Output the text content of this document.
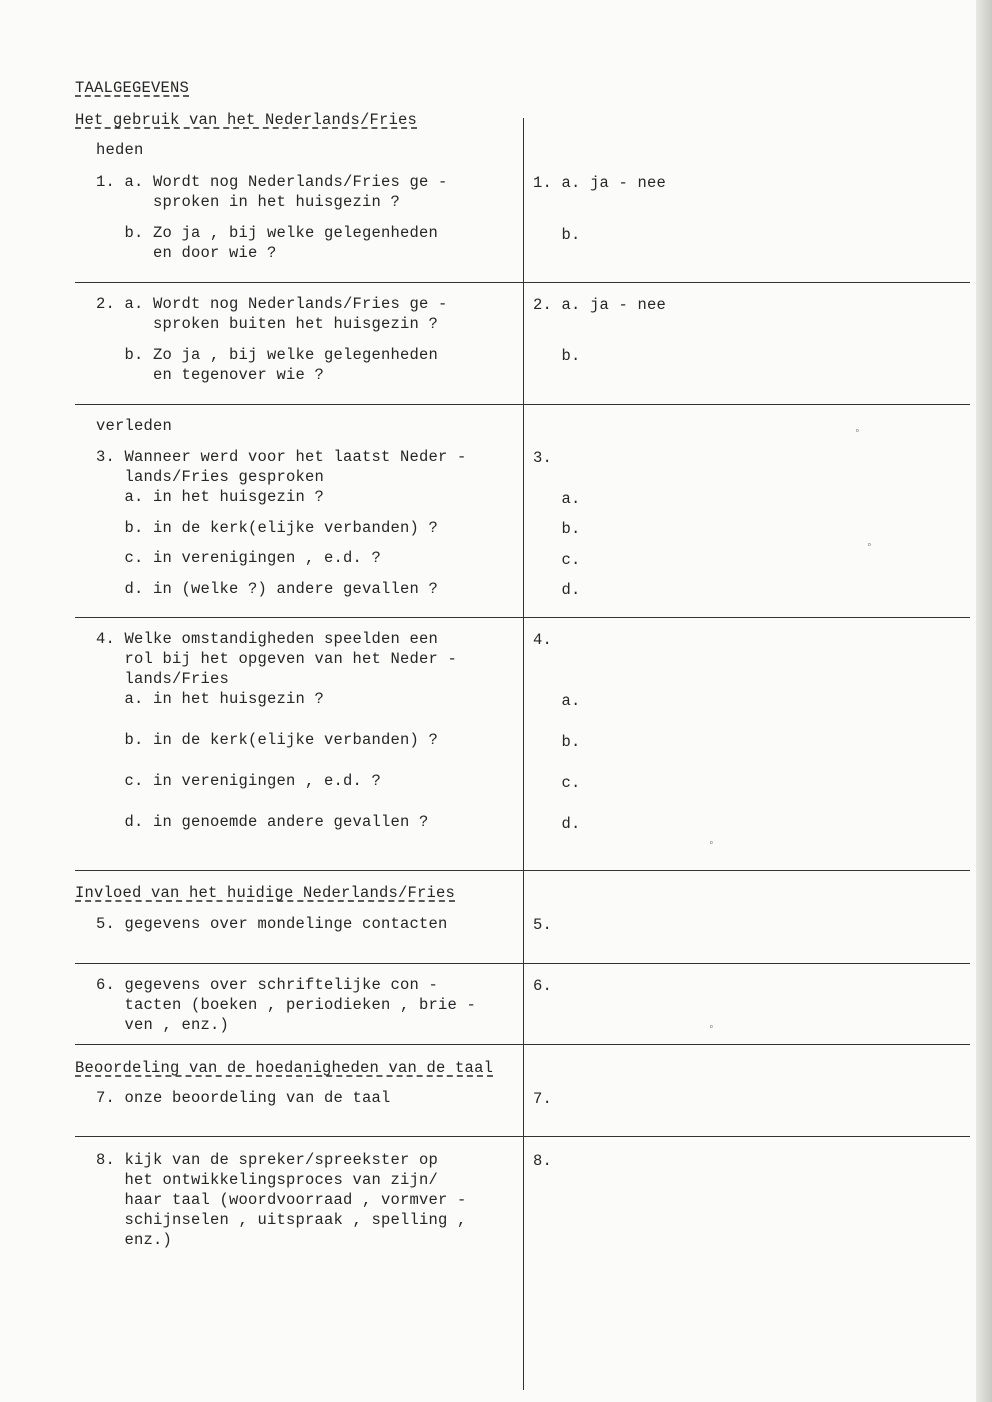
TAALGEGEVENS
Het gebruik van het Nederlands/Fries
heden
1. a. Wordt nog Nederlands/Fries ge -
sproken in het huisgezin ?
b. Zo ja , bij welke gelegenheden
en door wie ?
1. a. ja - nee
b.
2. a. Wordt nog Nederlands/Fries ge -
sproken buiten het huisgezin ?
b. Zo ja , bij welke gelegenheden
en tegenover wie ?
2. a. ja - nee
b.
verleden
3. Wanneer werd voor het laatst Neder -
lands/Fries gesproken
a. in het huisgezin ?
b. in de kerk(elijke verbanden) ?
c. in verenigingen , e.d. ?
d. in (welke ?) andere gevallen ?
3.
a.
b.
c.
d.
4. Welke omstandigheden speelden een
rol bij het opgeven van het Neder -
lands/Fries
a. in het huisgezin ?
b. in de kerk(elijke verbanden) ?
c. in verenigingen , e.d. ?
d. in genoemde andere gevallen ?
4.
a.
b.
c.
d.
Invloed van het huidige Nederlands/Fries
5. gegevens over mondelinge contacten	5.
6. gegevens over schriftelijke con -
tacten (boeken , periodieken , brie -
ven , enz.)
6.
Beoordeling van de hoedanigheden van de taal
7. onze beoordeling van de taal	7.
8. kijk van de spreker/spreekster op
het ontwikkelingsproces van zijn/
haar taal (woordvoorraad , vormver -
schijnselen , uitspraak , spelling ,
enz.)
8.
◦
◦
◦
◦
